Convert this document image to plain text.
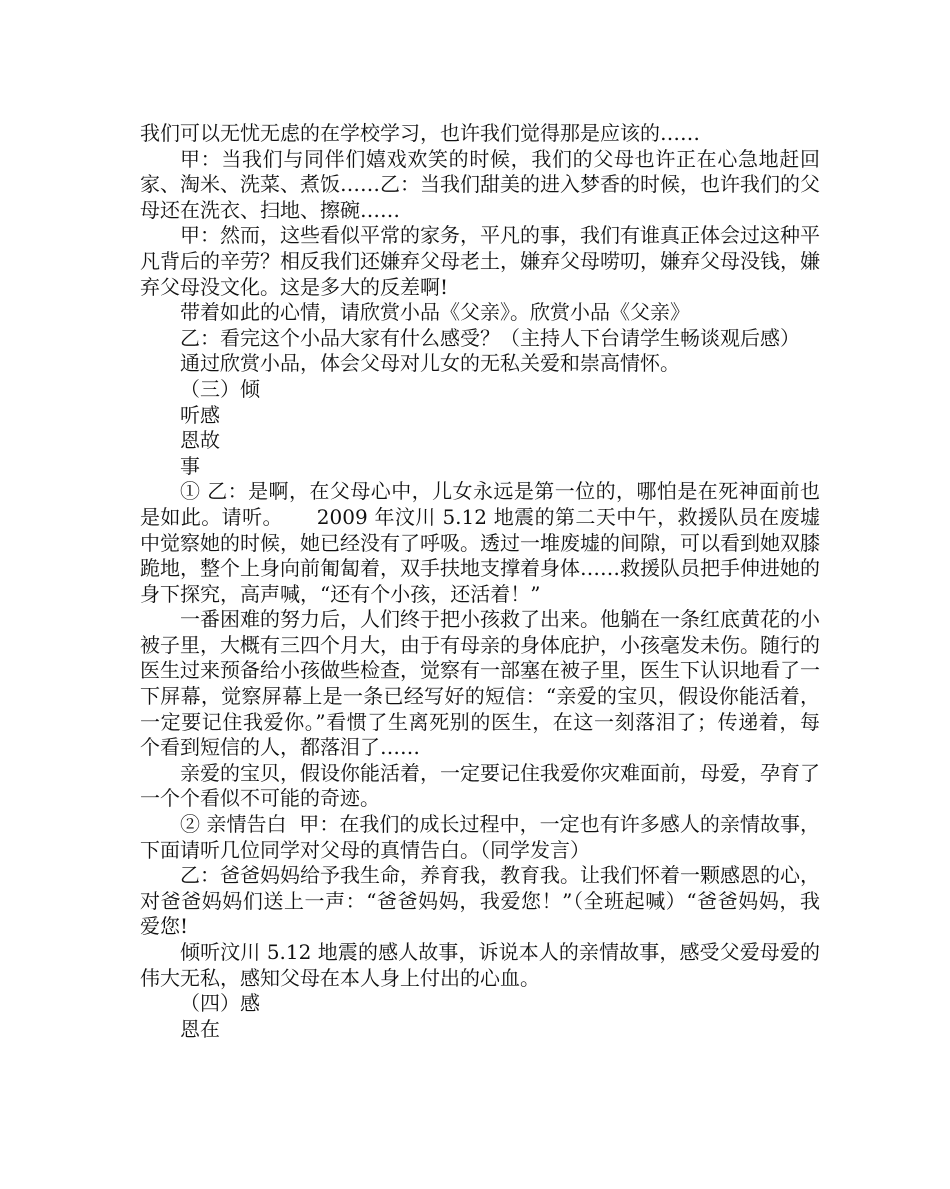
我们可以无忧无虑的在学校学习，也许我们觉得那是应该的……

甲：当我们与同伴们嬉戏欢笑的时候，我们的父母也许正在心急地赶回家、淘米、洗菜、煮饭……乙：当我们甜美的进入梦香的时候，也许我们的父母还在洗衣、扫地、擦碗……

甲：然而，这些看似平常的家务，平凡的事，我们有谁真正体会过这种平凡背后的辛劳？相反我们还嫌弃父母老土，嫌弃父母唠叨，嫌弃父母没钱，嫌弃父母没文化。这是多大的反差啊!

带着如此的心情，请欣赏小品《父亲》。欣赏小品《父亲》

乙：看完这个小品大家有什么感受？（主持人下台请学生畅谈观后感）

通过欣赏小品，体会父母对儿女的无私关爱和崇高情怀。

（三）倾

听感

恩故

事

① 乙：是啊，在父母心中，儿女永远是第一位的，哪怕是在死神面前也是如此。请听。     2009 年汶川 5.12 地震的第二天中午，救援队员在废墟中觉察她的时候，她已经没有了呼吸。透过一堆废墟的间隙，可以看到她双膝跪地，整个上身向前匍匐着，双手扶地支撑着身体……救援队员把手伸进她的身下探究，高声喊，“还有个小孩，还活着！”

一番困难的努力后，人们终于把小孩救了出来。他躺在一条红底黄花的小被子里，大概有三四个月大，由于有母亲的身体庇护，小孩毫发未伤。随行的医生过来预备给小孩做些检查，觉察有一部塞在被子里，医生下认识地看了一下屏幕，觉察屏幕上是一条已经写好的短信：“亲爱的宝贝，假设你能活着，一定要记住我爱你。”看惯了生离死别的医生，在这一刻落泪了；传递着，每个看到短信的人，都落泪了……

亲爱的宝贝，假设你能活着，一定要记住我爱你灾难面前，母爱，孕育了一个个看似不可能的奇迹。

② 亲情告白  甲：在我们的成长过程中，一定也有许多感人的亲情故事，下面请听几位同学对父母的真情告白。（同学发言）

乙：爸爸妈妈给予我生命，养育我，教育我。让我们怀着一颗感恩的心，对爸爸妈妈们送上一声：“爸爸妈妈，我爱您！”（全班起喊）“爸爸妈妈，我爱您!

倾听汶川 5.12 地震的感人故事，诉说本人的亲情故事，感受父爱母爱的伟大无私，感知父母在本人身上付出的心血。

（四）感

恩在
